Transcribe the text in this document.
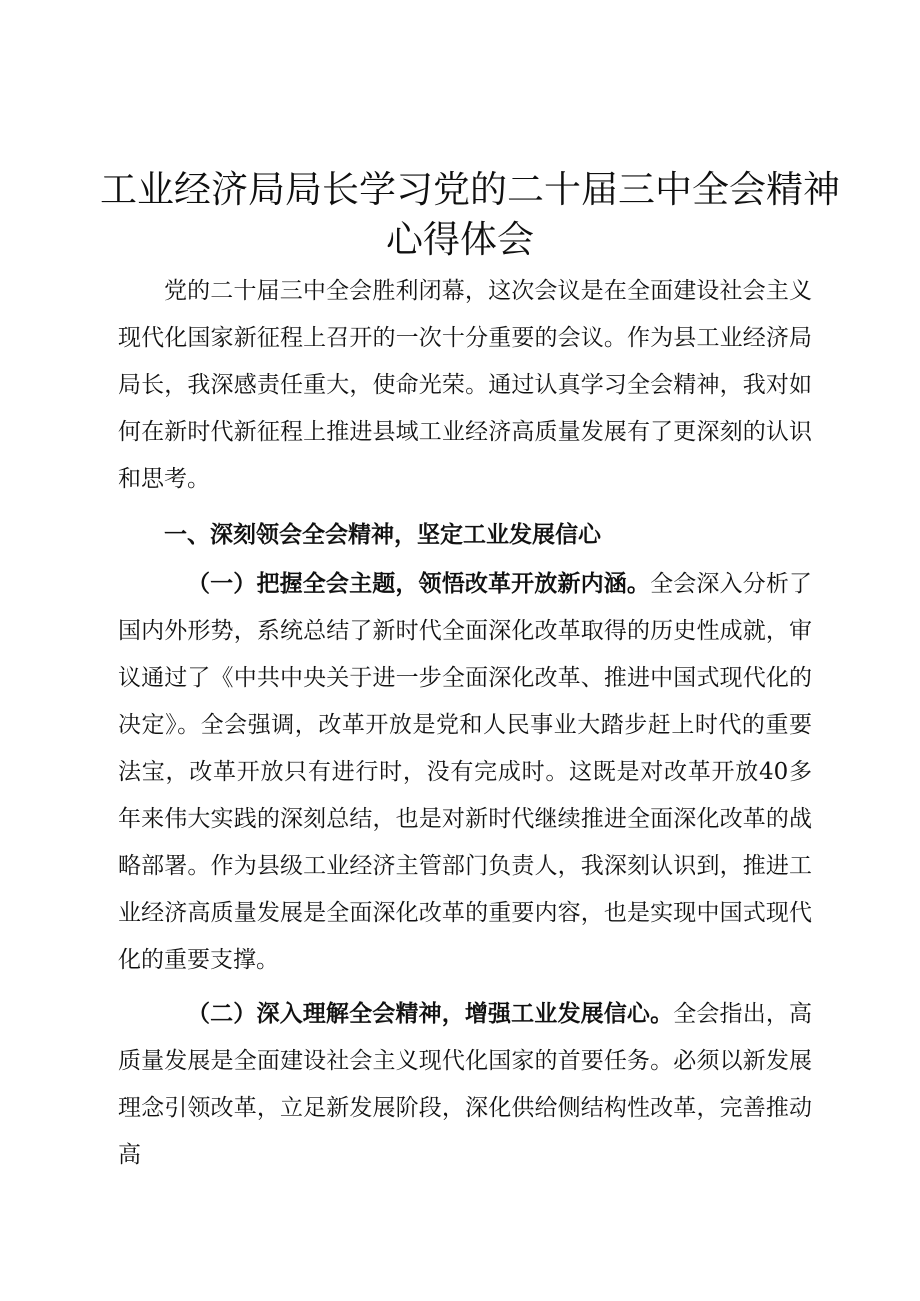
工业经济局局长学习党的二十届三中全会精神
心得体会

党的二十届三中全会胜利闭幕，这次会议是在全面建设社会主义现代化国家新征程上召开的一次十分重要的会议。作为县工业经济局局长，我深感责任重大，使命光荣。通过认真学习全会精神，我对如何在新时代新征程上推进县域工业经济高质量发展有了更深刻的认识和思考。

一、深刻领会全会精神，坚定工业发展信心

（一）把握全会主题，领悟改革开放新内涵。全会深入分析了国内外形势，系统总结了新时代全面深化改革取得的历史性成就，审议通过了《中共中央关于进一步全面深化改革、推进中国式现代化的决定》。全会强调，改革开放是党和人民事业大踏步赶上时代的重要法宝，改革开放只有进行时，没有完成时。这既是对改革开放40多年来伟大实践的深刻总结，也是对新时代继续推进全面深化改革的战略部署。作为县级工业经济主管部门负责人，我深刻认识到，推进工业经济高质量发展是全面深化改革的重要内容，也是实现中国式现代化的重要支撑。

（二）深入理解全会精神，增强工业发展信心。全会指出，高质量发展是全面建设社会主义现代化国家的首要任务。必须以新发展理念引领改革，立足新发展阶段，深化供给侧结构性改革，完善推动高
